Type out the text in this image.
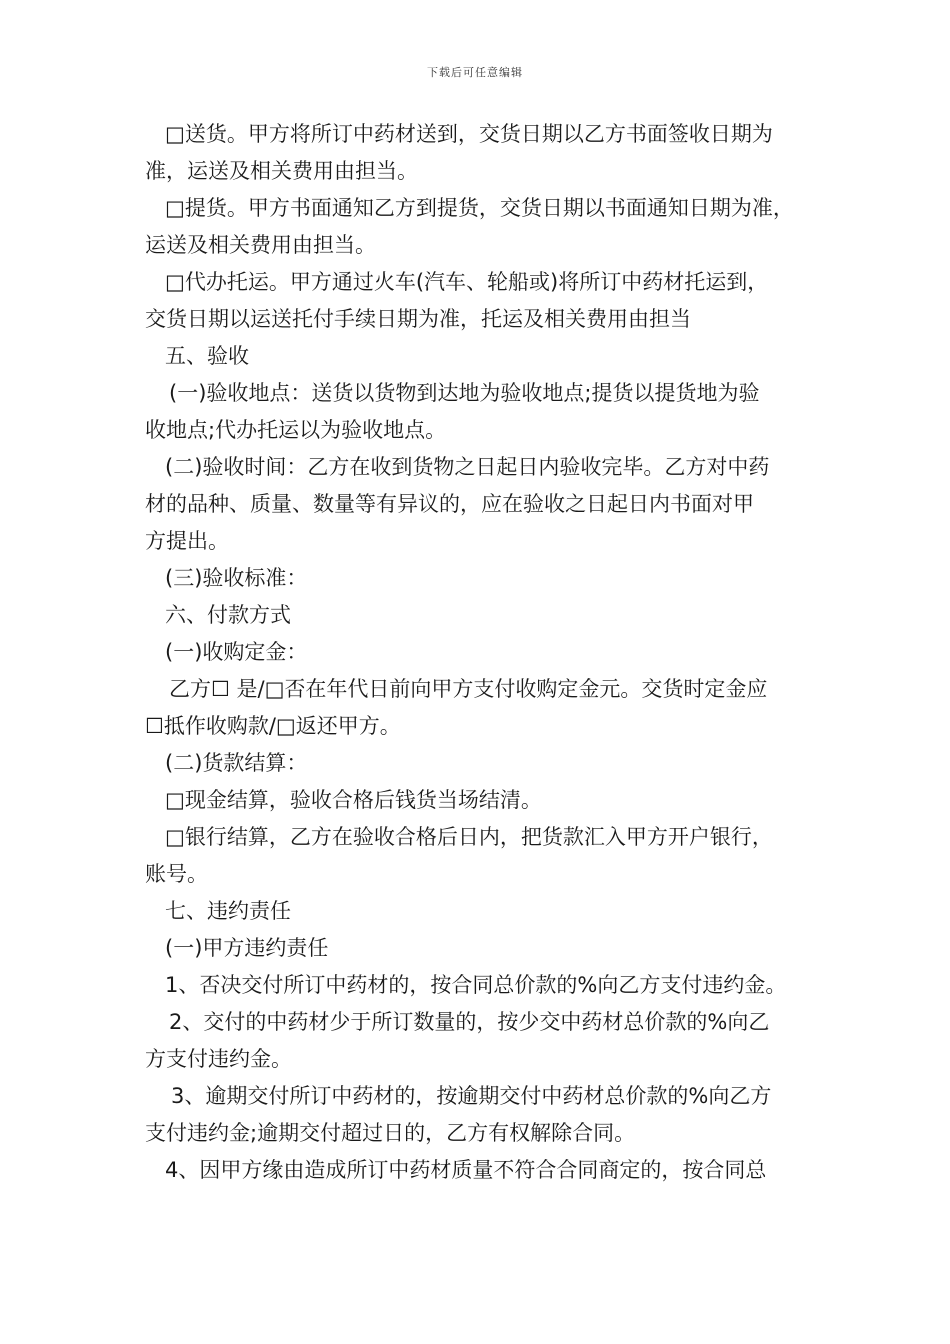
下载后可任意编辑

□送货。甲方将所订中药材送到，交货日期以乙方书面签收日期为
准，运送及相关费用由担当。

□提货。甲方书面通知乙方到提货，交货日期以书面通知日期为准，
运送及相关费用由担当。

□代办托运。甲方通过火车(汽车、轮船或)将所订中药材托运到，
交货日期以运送托付手续日期为准，托运及相关费用由担当

五、验收

(一)验收地点：送货以货物到达地为验收地点;提货以提货地为验
收地点;代办托运以为验收地点。

(二)验收时间：乙方在收到货物之日起日内验收完毕。乙方对中药
材的品种、质量、数量等有异议的，应在验收之日起日内书面对甲
方提出。

(三)验收标准：

六、付款方式

(一)收购定金：

乙方☐ 是/□否在年代日前向甲方支付收购定金元。交货时定金应
☐抵作收购款/□返还甲方。

(二)货款结算：

□现金结算，验收合格后钱货当场结清。

□银行结算，乙方在验收合格后日内，把货款汇入甲方开户银行，
账号。

七、违约责任

(一)甲方违约责任

1、否决交付所订中药材的，按合同总价款的%向乙方支付违约金。

2、交付的中药材少于所订数量的，按少交中药材总价款的%向乙
方支付违约金。

3、逾期交付所订中药材的，按逾期交付中药材总价款的%向乙方
支付违约金;逾期交付超过日的，乙方有权解除合同。

4、因甲方缘由造成所订中药材质量不符合合同商定的，按合同总
